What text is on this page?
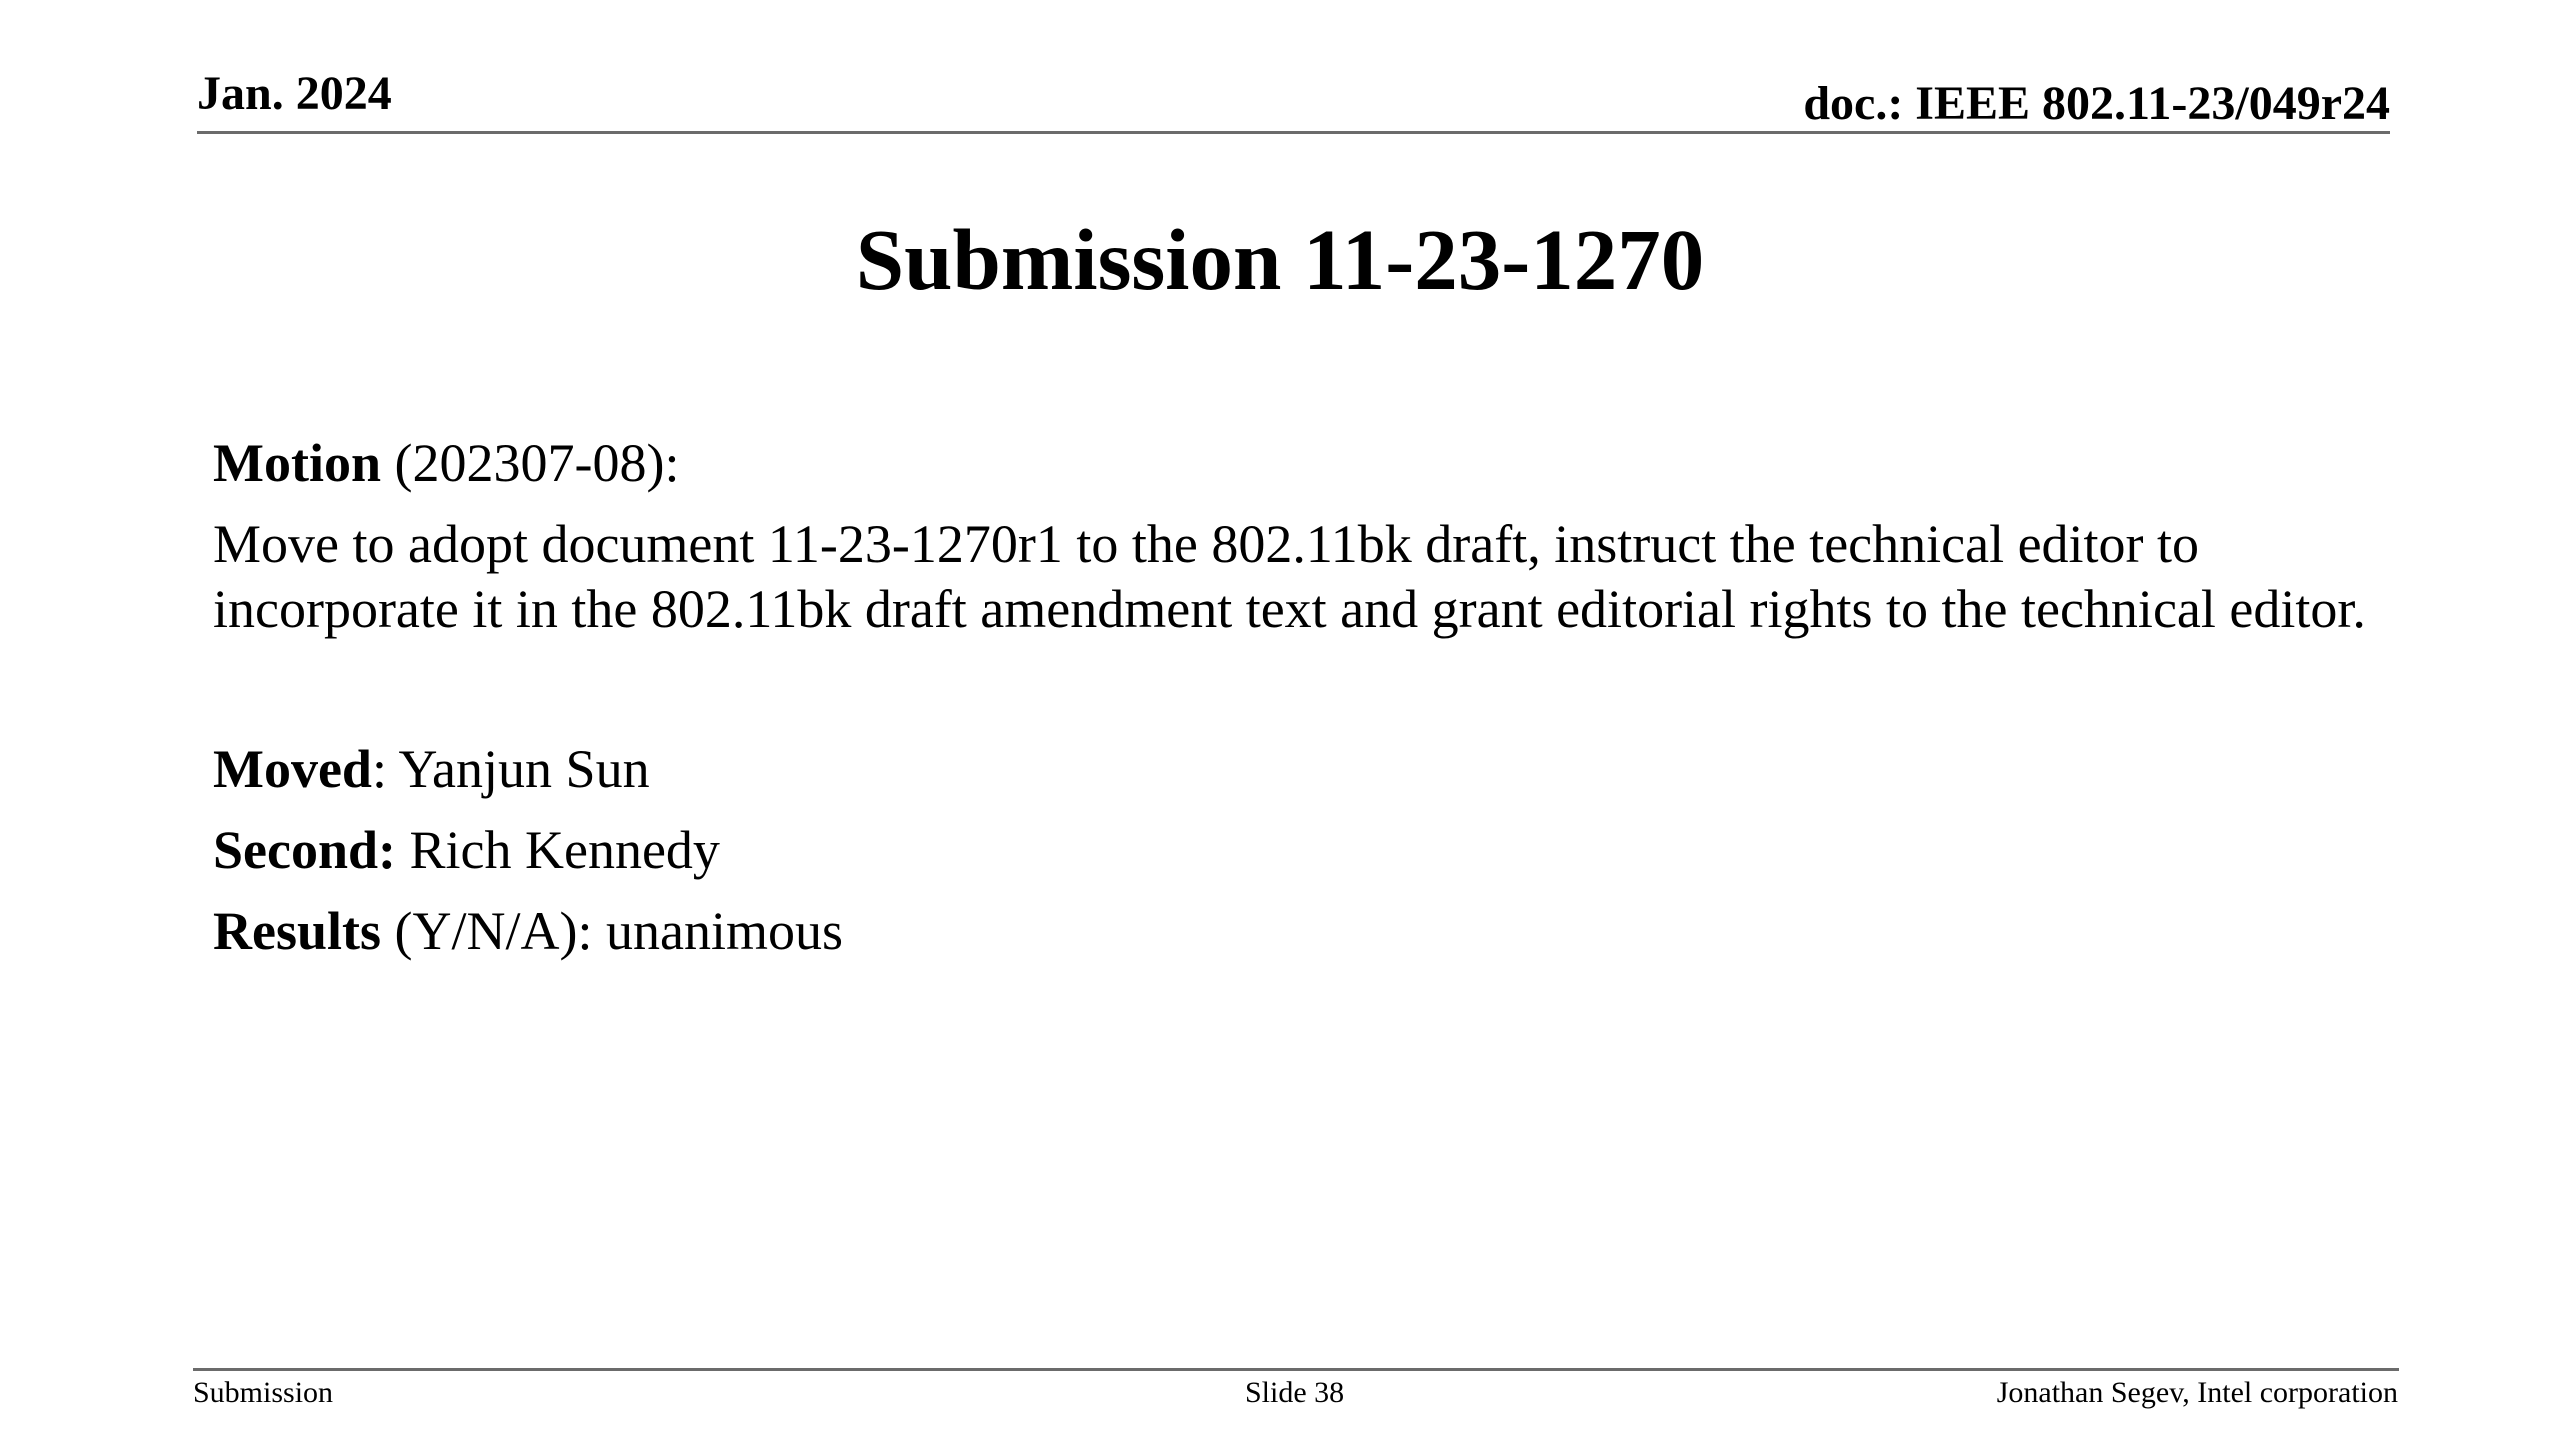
Jan. 2024	doc.: IEEE 802.11-23/049r24
Submission 11-23-1270
Motion (202307-08):
Move to adopt document 11-23-1270r1 to the 802.11bk draft, instruct the technical editor to
incorporate it in the 802.11bk draft amendment text and grant editorial rights to the technical editor.
Moved: Yanjun Sun
Second: Rich Kennedy
Results (Y/N/A): unanimous
Submission	Slide 38	Jonathan Segev, Intel corporation
